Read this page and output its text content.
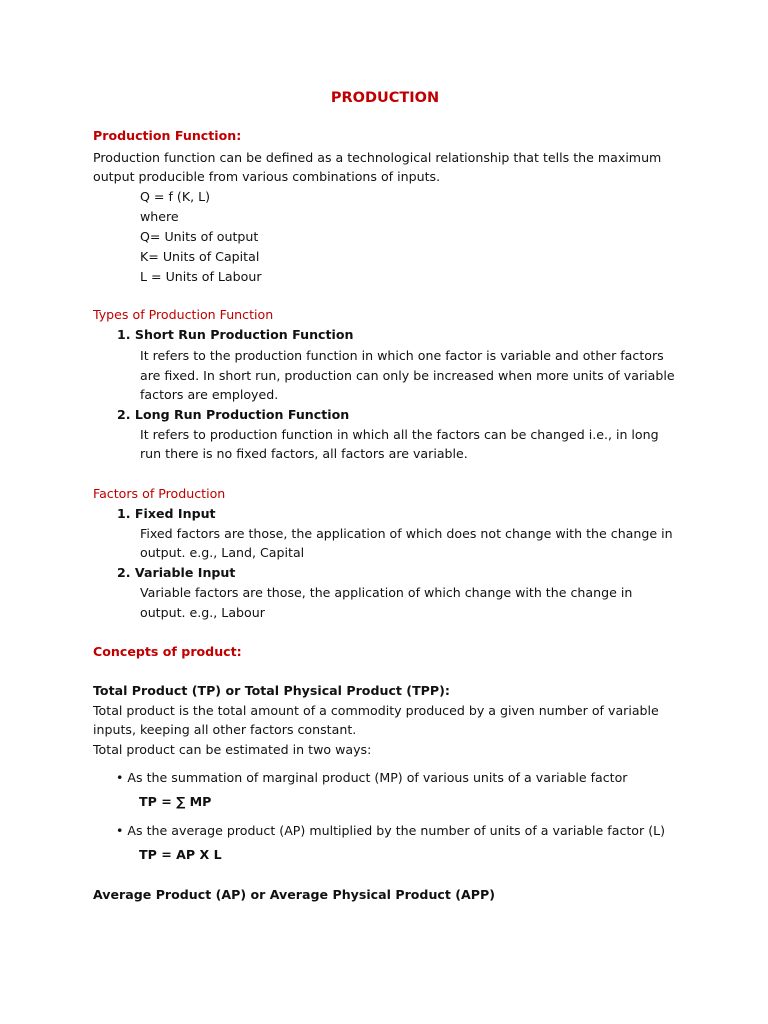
PRODUCTION
Production Function:
Production function can be defined as a technological relationship that tells the maximum
output producible from various combinations of inputs.
Q = f (K, L)
where
Q= Units of output
K= Units of Capital
L = Units of Labour
Types of Production Function
1. Short Run Production Function
It refers to the production function in which one factor is variable and other factors
are fixed. In short run, production can only be increased when more units of variable
factors are employed.
2. Long Run Production Function
It refers to production function in which all the factors can be changed i.e., in long
run there is no fixed factors, all factors are variable.
Factors of Production
1. Fixed Input
Fixed factors are those, the application of which does not change with the change in
output. e.g., Land, Capital
2. Variable Input
Variable factors are those, the application of which change with the change in
output. e.g., Labour
Concepts of product:
Total Product (TP) or Total Physical Product (TPP):
Total product is the total amount of a commodity produced by a given number of variable
inputs, keeping all other factors constant.
Total product can be estimated in two ways:
• As the summation of marginal product (MP) of various units of a variable factor
TP = ∑ MP
• As the average product (AP) multiplied by the number of units of a variable factor (L)
TP = AP X L
Average Product (AP) or Average Physical Product (APP)
